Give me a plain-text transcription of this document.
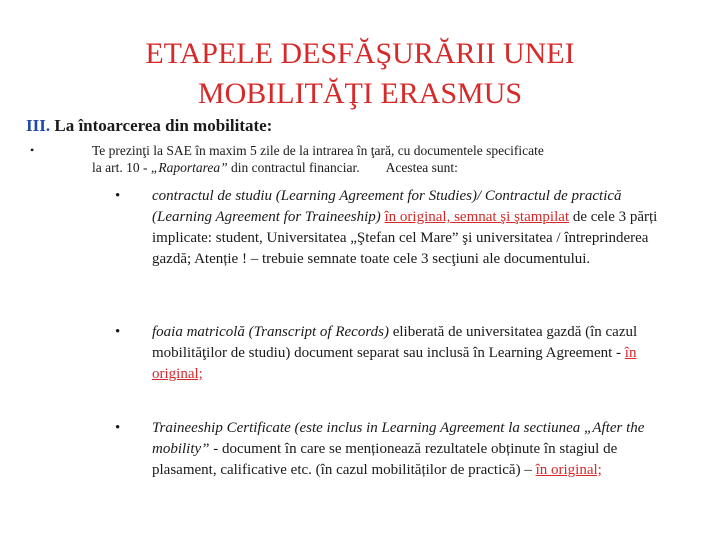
ETAPELE DESFĂŞURĂRII UNEI
MOBILITĂŢI ERASMUS
III. La întoarcerea din mobilitate:
•	Te prezinţi la SAE în maxim 5 zile de la intrarea în ţară, cu documentele specificate
la art. 10 - „Raportarea” din contractul financiar. Acestea sunt:
• contractul de studiu (Learning Agreement for Studies)/ Contractul de practică (Learning Agreement for Traineeship) în original, semnat şi ştampilat de cele 3 părți implicate: student, Universitatea „Ştefan cel Mare” şi universitatea / întreprinderea gazdă; Atenție ! – trebuie semnate toate cele 3 secţiuni ale documentului.
• foaia matricolă (Transcript of Records) eliberată de universitatea gazdă (în cazul mobilităţilor de studiu) document separat sau inclusă în Learning Agreement - în original;
• Traineeship Certificate (este inclus in Learning Agreement la sectiunea „After the mobility” - document în care se menționează rezultatele obținute în stagiul de plasament, calificative etc. (în cazul mobilităților de practică) – în original;
